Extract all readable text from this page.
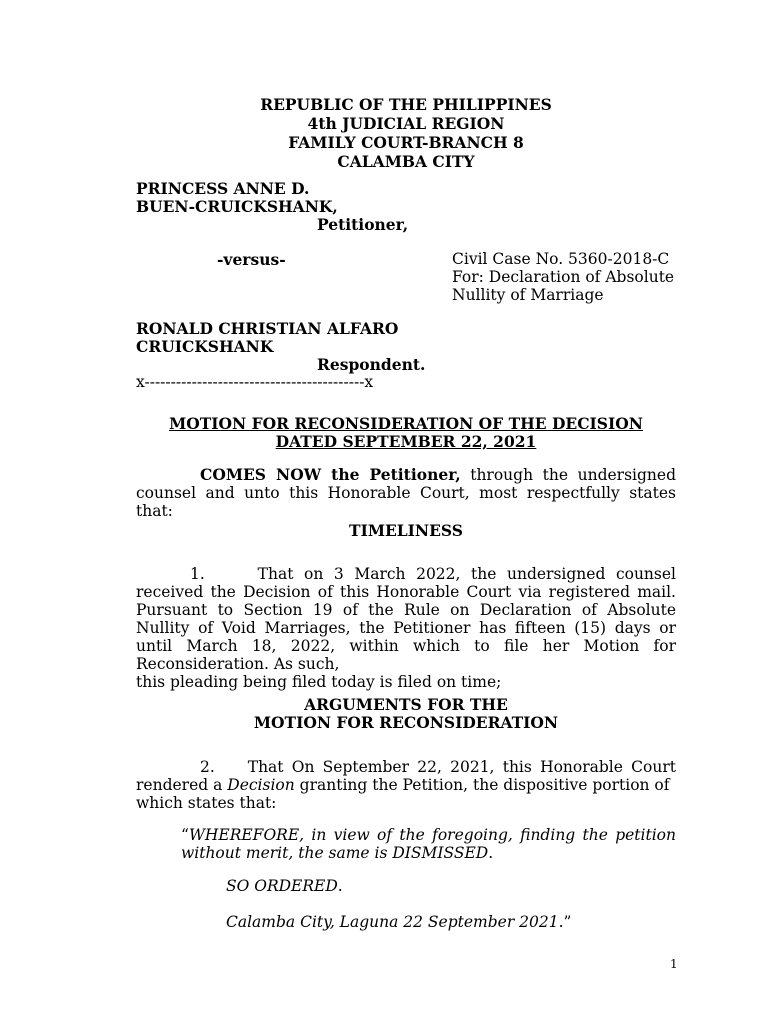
REPUBLIC OF THE PHILIPPINES
4th JUDICIAL REGION
FAMILY COURT-BRANCH 8
CALAMBA CITY
PRINCESS ANNE D.
BUEN-CRUICKSHANK,
Petitioner,
-versus-	Civil Case No. 5360-2018-C
For: Declaration of Absolute
Nullity of Marriage
RONALD CHRISTIAN ALFARO
CRUICKSHANK
Respondent.
x------------------------------------------x
MOTION FOR RECONSIDERATION OF THE DECISION
DATED SEPTEMBER 22, 2021
COMES NOW the Petitioner, through the undersigned counsel and unto this Honorable Court, most respectfully states that:
TIMELINESS
1.	That on 3 March 2022, the undersigned counsel received the Decision of this Honorable Court via registered mail. Pursuant to Section 19 of the Rule on Declaration of Absolute Nullity of Void Marriages, the Petitioner has fifteen (15) days or until March 18, 2022, within which to file her Motion for Reconsideration. As such,
this pleading being filed today is filed on time;
ARGUMENTS FOR THE
MOTION FOR RECONSIDERATION
2. That On September 22, 2021, this Honorable Court rendered a Decision granting the Petition, the dispositive portion of
which states that:
“WHEREFORE, in view of the foregoing, finding the petition without merit, the same is DISMISSED.
SO ORDERED.
Calamba City, Laguna 22 September 2021.”
1
